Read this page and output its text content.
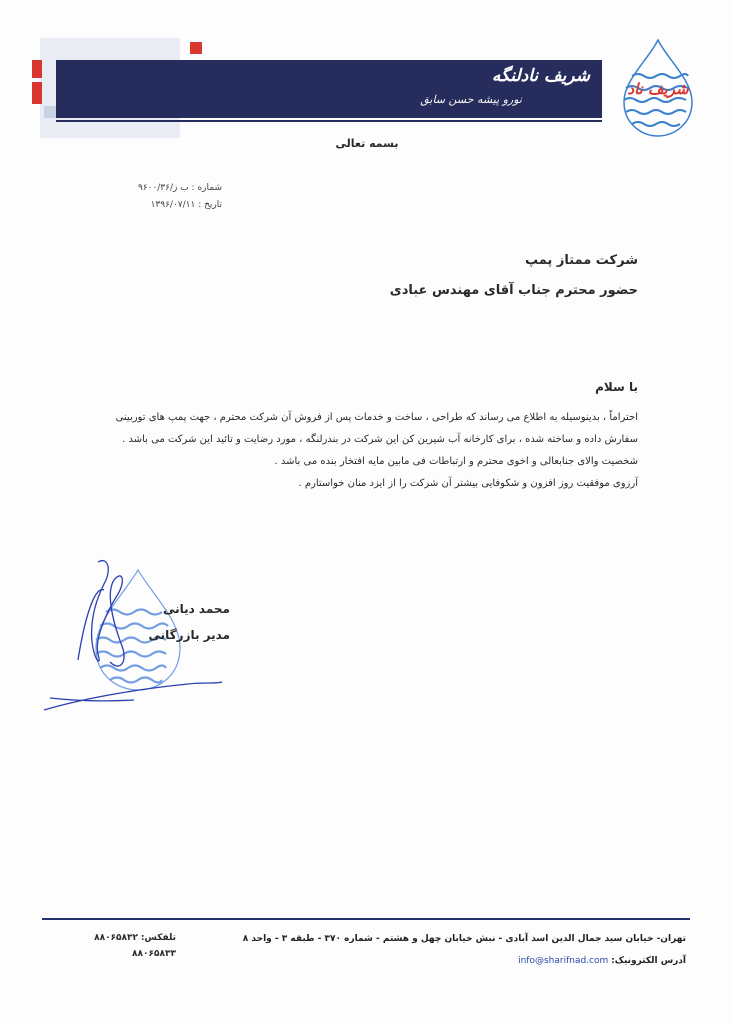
شریف نادلنگه
نورو پیشه حسن سابق
شریف ناد
بسمه تعالی
شماره : ب ز/۹۶۰۰/۳۶
تاریخ : ۱۳۹۶/۰۷/۱۱
شرکت ممتاز پمپ
حضور محترم جناب آقای مهندس عبادی
با سلام

احتراماً ، بدینوسیله به اطلاع می رساند که طراحی ، ساخت و خدمات پس از فروش آن شرکت محترم ، جهت پمپ های توربینی

سفارش داده و ساخته شده ، برای کارخانه آب شیرین کن این شرکت در بندرلنگه ، مورد رضایت و تائید این شرکت می باشد .

شخصیت والای جنابعالی و اخوی محترم و ارتباطات فی مابین مایه افتخار بنده می باشد .

آرزوی موفقیت روز افزون و شکوفایی بیشتر آن شرکت را از ایزد منان خواستارم .

محمد دیانی
مدیر بازرگانی
تهران- خیابان سید جمال الدین اسد آبادی - نبش خیابان چهل و هشتم - شماره ۳۷۰ - طبقه ۳ - واحد ۸
آدرس الکترونیک: info@sharifnad.com
تلفکس: ۸۸۰۶۵۸۳۲
۸۸۰۶۵۸۳۳
